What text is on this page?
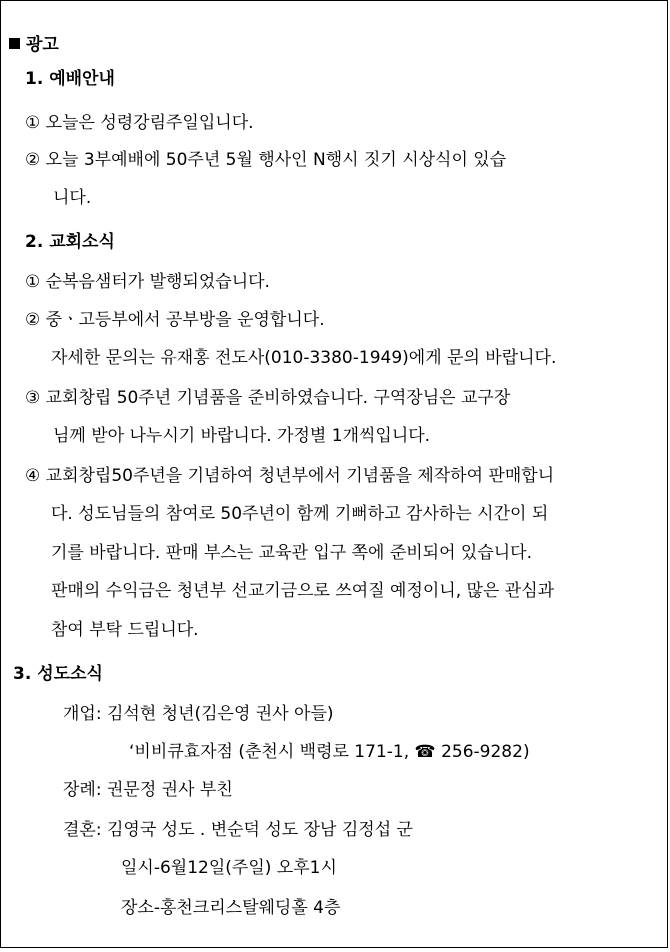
광고
1. 예배안내
① 오늘은 성령강림주일입니다.
② 오늘 3부예배에 50주년 5월 행사인 N행시 짓기 시상식이 있습
니다.
2. 교회소식
① 순복음샘터가 발행되었습니다.
② 중ㆍ고등부에서 공부방을 운영합니다.
자세한 문의는 유재홍 전도사(010-3380-1949)에게 문의 바랍니다.
③ 교회창립 50주년 기념품을 준비하였습니다. 구역장님은 교구장
님께 받아 나누시기 바랍니다. 가정별 1개씩입니다.
④ 교회창립50주년을 기념하여 청년부에서 기념품을 제작하여 판매합니
다. 성도님들의 참여로 50주년이 함께 기뻐하고 감사하는 시간이 되
기를 바랍니다. 판매 부스는 교육관 입구 쪽에 준비되어 있습니다.
판매의 수익금은 청년부 선교기금으로 쓰여질 예정이니, 많은 관심과
참여 부탁 드립니다.
3. 성도소식
개업: 김석현 청년(김은영 권사 아들)
‘비비큐효자점 (춘천시 백령로 171-1, ☎ 256-9282)
장례: 권문정 권사 부친
결혼: 김영국 성도 . 변순덕 성도 장남 김정섭 군
일시-6월12일(주일) 오후1시
장소-홍천크리스탈웨딩홀 4층
